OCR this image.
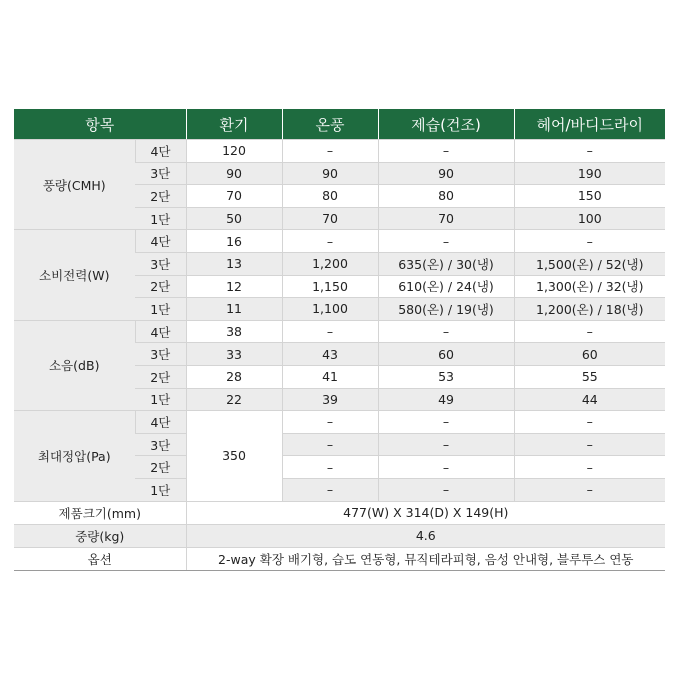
항목		환기	온풍	제습(건조)	헤어/바디드라이
풍량(CMH)	4단	120	–	–	–
	3단	90	90	90	190
	2단	70	80	80	150
	1단	50	70	70	100
소비전력(W)	4단	16	–	–	–
	3단	13	1,200	635(온) / 30(냉)	1,500(온) / 52(냉)
	2단	12	1,150	610(온) / 24(냉)	1,300(온) / 32(냉)
	1단	11	1,100	580(온) / 19(냉)	1,200(온) / 18(냉)
소음(dB)	4단	38	–	–	–
	3단	33	43	60	60
	2단	28	41	53	55
	1단	22	39	49	44
최대정압(Pa)	4단	350	–	–	–
	3단		–	–	–
	2단		–	–	–
	1단		–	–	–
제품크기(mm)		477(W) X 314(D) X 149(H)			
중량(kg)		4.6			
옵션		2-way 확장 배기형, 습도 연동형, 뮤직테라피형, 음성 안내형, 블루투스 연동			
